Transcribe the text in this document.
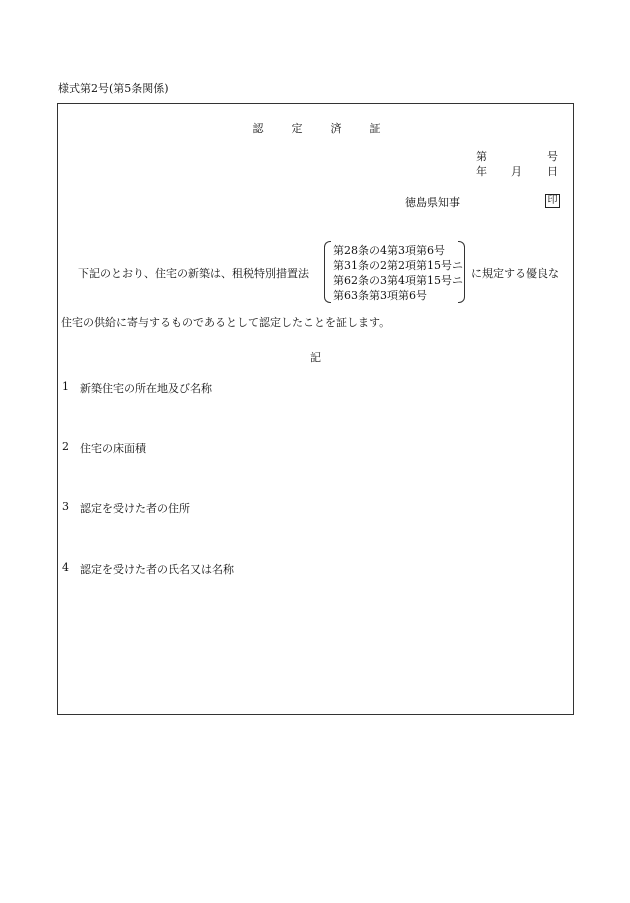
様式第2号(第5条関係)
認	定	済	証
第	号
年 月 日
徳島県知事	印
下記のとおり、住宅の新築は、租税特別措置法
第28条の4第3項第6号
第31条の2第2項第15号ニ
第62条の3第4項第15号ニ
第63条第3項第6号
に規定する優良な
住宅の供給に寄与するものであるとして認定したことを証します。
記
1 新築住宅の所在地及び名称
2 住宅の床面積
3 認定を受けた者の住所
4 認定を受けた者の氏名又は名称
